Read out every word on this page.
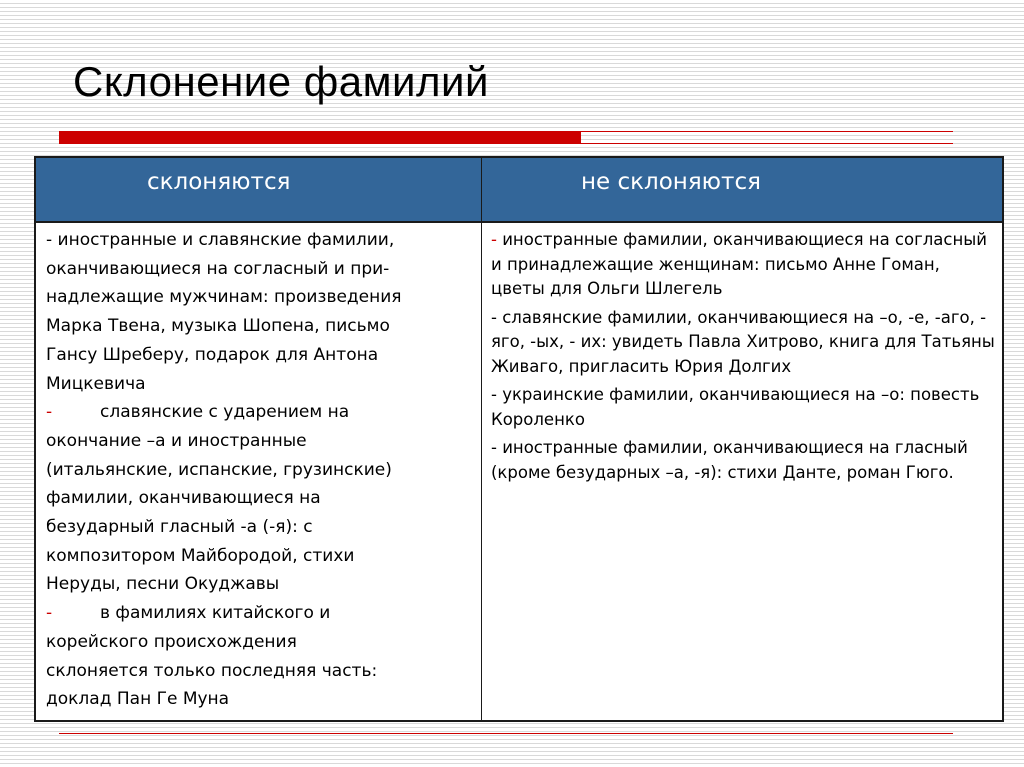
Склонение фамилий
склоняются	не склоняются
- иностранные и славянские фамилии,
оканчивающиеся на согласный и при-
надлежащие мужчинам: произведения
Марка Твена, музыка Шопена, письмо
Гансу Шреберу, подарок для Антона
Мицкевича
-	славянские с ударением на
окончание –а и иностранные
(итальянские, испанские, грузинские)
фамилии, оканчивающиеся на
безударный гласный -а (-я): с
композитором Майбородой, стихи
Неруды, песни Окуджавы
-	в фамилиях китайского и
корейского происхождения
склоняется только последняя часть:
доклад Пан Ге Муна

- иностранные фамилии, оканчивающиеся на согласный и принадлежащие женщинам: письмо Анне Гоман, цветы для Ольги Шлегель

- славянские фамилии, оканчивающиеся на –о, -е, -аго, - яго, -ых, - их: увидеть Павла Хитрово, книга для Татьяны Живаго, пригласить Юрия Долгих

- украинские фамилии, оканчивающиеся на –о: повесть Короленко

- иностранные фамилии, оканчивающиеся на гласный (кроме безударных –а, -я): стихи Данте, роман Гюго.
